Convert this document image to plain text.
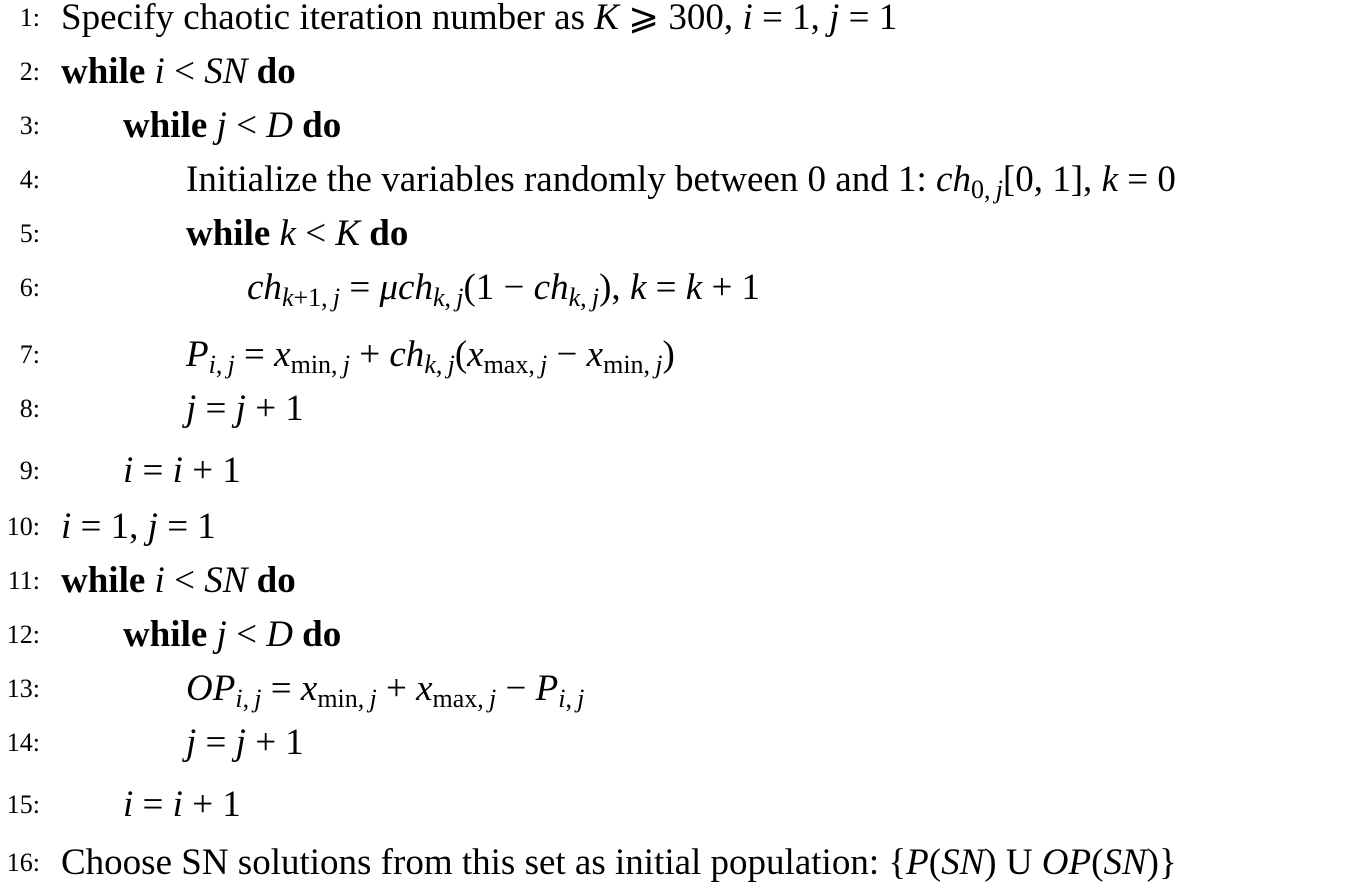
1: Specify chaotic iteration number as K ⩾ 300, i = 1, j = 1
2: while i < SN do
3: while j < D do
4:	Initialize the variables randomly between 0 and 1: $ch_{0, j}[0$, 1], k = 0
5:	while k < K do
6:	$ch_{k+1, j} = \mu ch_{k, j}(1 - ch_{k, j})$, k = k + 1
7:	$P_{i, j} = x_{min, j} + ch_{k, j}(x_{max, j} - x_{min, j})$
8:	j = j + 1
9: i = i + 1
10: i = 1, j = 1
11: while i < SN do
12: while j < D do
13:	$OP_{i, j} = x_{min, j} + x_{max, j} - P_{i, j}$
14:	j = j + 1
15: i = i + 1
16: Choose SN solutions from this set as initial population: {P(SN) U OP(SN)}
